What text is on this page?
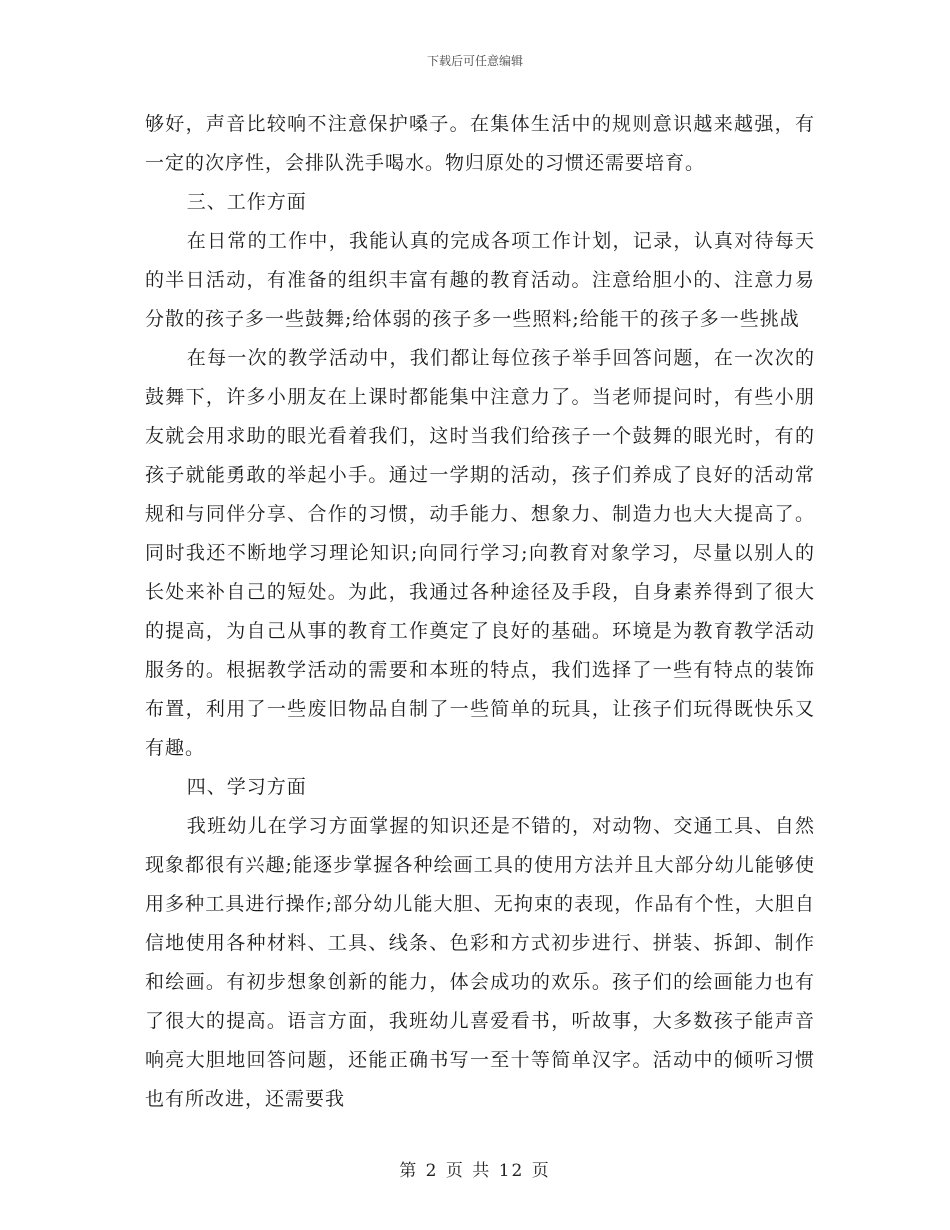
下载后可任意编辑

够好，声音比较响不注意保护嗓子。在集体生活中的规则意识越来越强，有一定的次序性，会排队洗手喝水。物归原处的习惯还需要培育。

三、工作方面

在日常的工作中，我能认真的完成各项工作计划，记录，认真对待每天的半日活动，有准备的组织丰富有趣的教育活动。注意给胆小的、注意力易分散的孩子多一些鼓舞;给体弱的孩子多一些照料;给能干的孩子多一些挑战

在每一次的教学活动中，我们都让每位孩子举手回答问题，在一次次的鼓舞下，许多小朋友在上课时都能集中注意力了。当老师提问时，有些小朋友就会用求助的眼光看着我们，这时当我们给孩子一个鼓舞的眼光时，有的孩子就能勇敢的举起小手。通过一学期的活动，孩子们养成了良好的活动常规和与同伴分享、合作的习惯，动手能力、想象力、制造力也大大提高了。同时我还不断地学习理论知识;向同行学习;向教育对象学习，尽量以别人的长处来补自己的短处。为此，我通过各种途径及手段，自身素养得到了很大的提高，为自己从事的教育工作奠定了良好的基础。环境是为教育教学活动服务的。根据教学活动的需要和本班的特点，我们选择了一些有特点的装饰布置，利用了一些废旧物品自制了一些简单的玩具，让孩子们玩得既快乐又有趣。

四、学习方面

我班幼儿在学习方面掌握的知识还是不错的，对动物、交通工具、自然现象都很有兴趣;能逐步掌握各种绘画工具的使用方法并且大部分幼儿能够使用多种工具进行操作;部分幼儿能大胆、无拘束的表现，作品有个性，大胆自信地使用各种材料、工具、线条、色彩和方式初步进行、拼装、拆卸、制作和绘画。有初步想象创新的能力，体会成功的欢乐。孩子们的绘画能力也有了很大的提高。语言方面，我班幼儿喜爱看书，听故事，大多数孩子能声音响亮大胆地回答问题，还能正确书写一至十等简单汉字。活动中的倾听习惯也有所改进，还需要我

第 2 页 共 12 页
